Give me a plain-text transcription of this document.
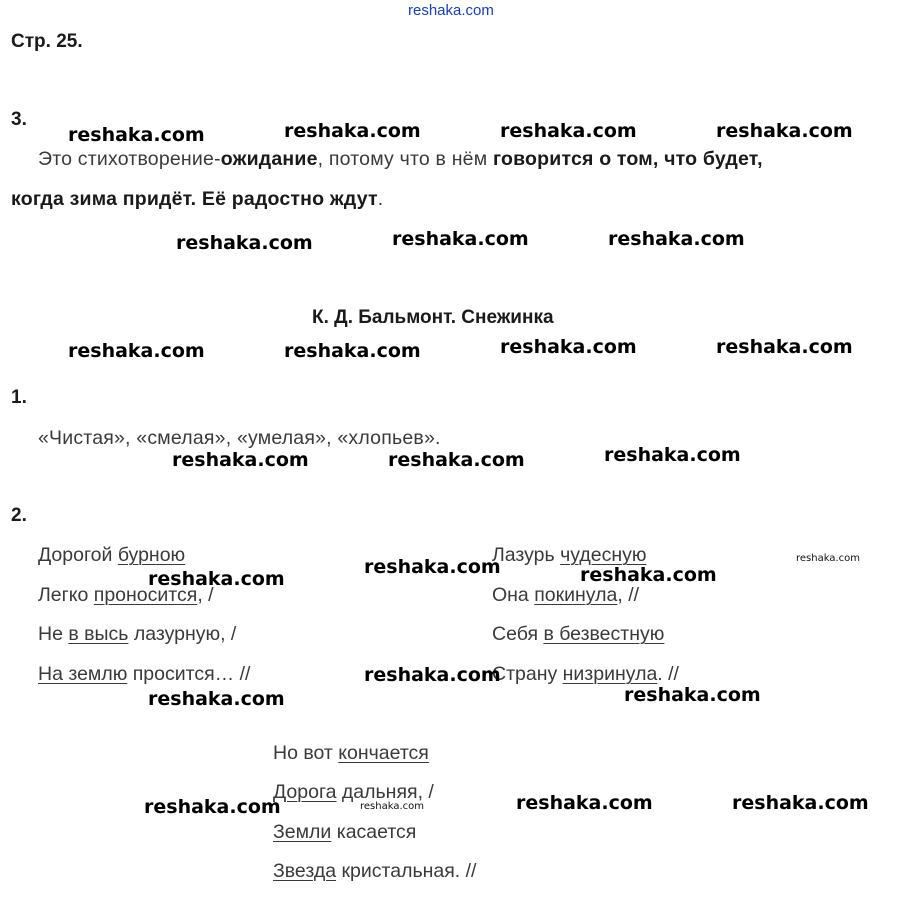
reshaka.com
Стр. 25.
3.
Это стихотворение-ожидание, потому что в нём говорится о том, что будет,
когда зима придёт. Её радостно ждут.
К. Д. Бальмонт. Снежинка
1.
«Чистая», «смелая», «умелая», «хлопьев».
2.
Дорогой бурною
Легко проносится, /
Не в высь лазурную, /
На землю просится… //
Лазурь чудесную
Она покинула, //
Себя в безвестную
Страну низринула. //
Но вот кончается
Дорога дальняя, /
Земли касается
Звезда кристальная. //
reshaka.com	reshaka.com	reshaka.com	reshaka.com
reshaka.com	reshaka.com	reshaka.com
reshaka.com	reshaka.com	reshaka.com	reshaka.com
reshaka.com	reshaka.com	reshaka.com
reshaka.com
reshaka.com	reshaka.com
reshaka.com
reshaka.com
reshaka.com
reshaka.com
reshaka.com	reshaka.com	reshaka.com	reshaka.com
